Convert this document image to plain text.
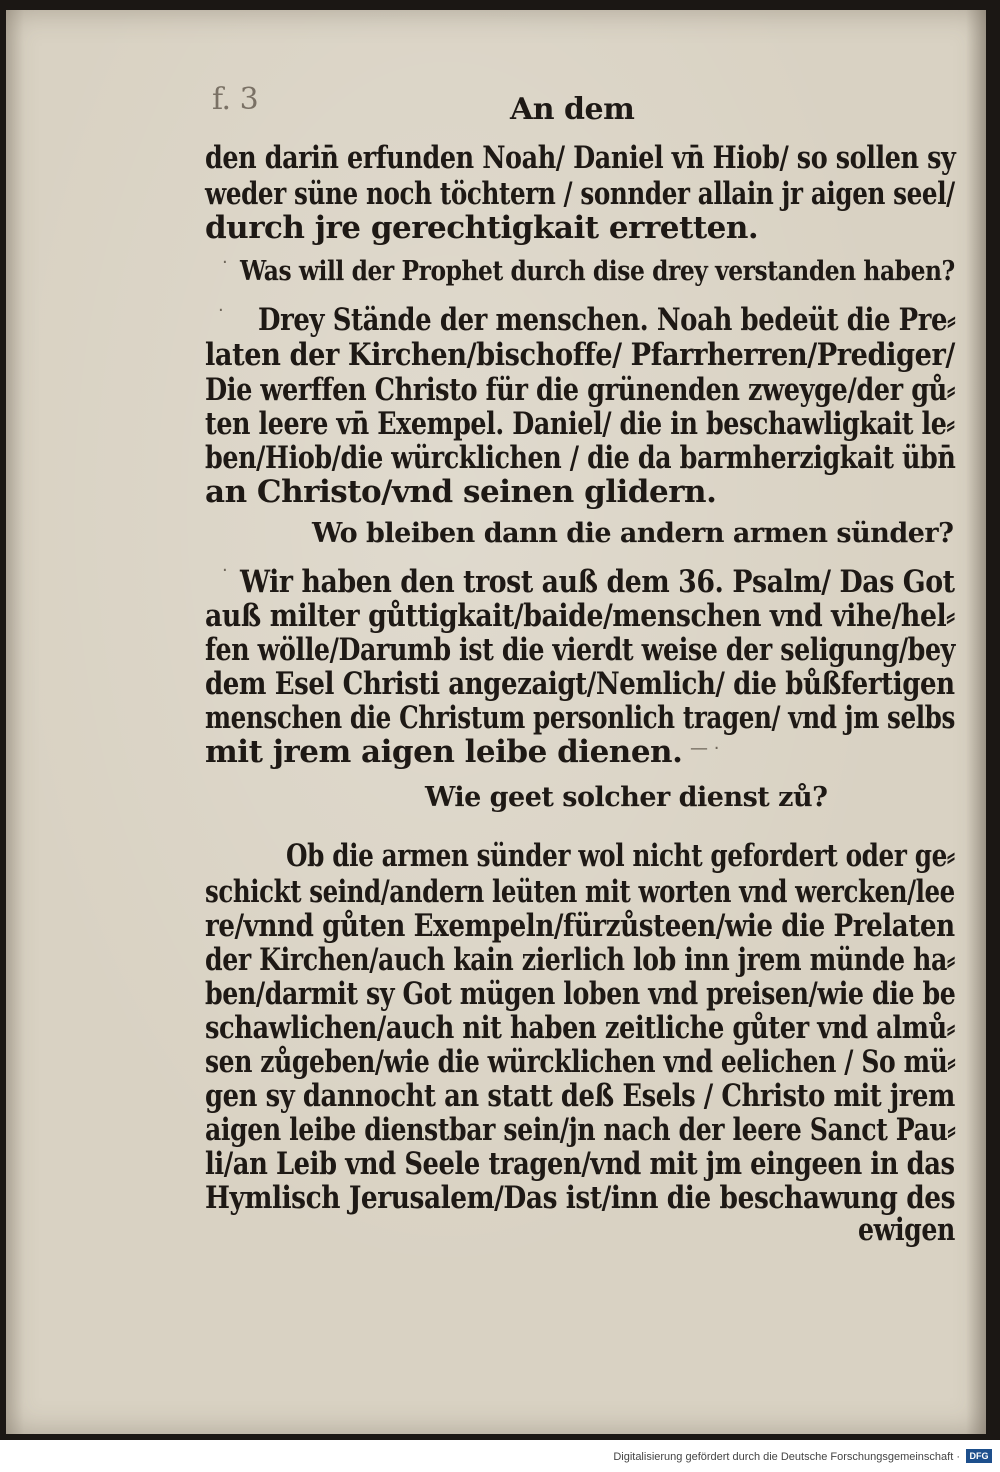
f. 3	An dem
den darin̄ erfunden Noah/ Daniel vn̄ Hiob/ so sollen sy
weder süne noch töchtern / sonnder allain jr aigen seel/
durch jre gerechtigkait erretten.
Was will der Prophet durch dise drey verstanden haben?
Drey Stände der menschen. Noah bedeüt die Pre⸗
laten der Kirchen/bischoffe/ Pfarrherren/Prediger/
Die werffen Christo für die grünenden zweyge/der gů⸗
ten leere vn̄ Exempel. Daniel/ die in beschawligkait le⸗
ben/Hiob/die würcklichen / die da barmherzigkait übn̄
an Christo/vnd seinen glidern.
Wo bleiben dann die andern armen sünder?
Wir haben den trost auß dem 36. Psalm/ Das Got
auß milter gůttigkait/baide/menschen vnd vihe/hel⸗
fen wölle/Darumb ist die vierdt weise der seligung/bey
dem Esel Christi angezaigt/Nemlich/ die bůßfertigen
menschen die Christum personlich tragen/ vnd jm selbs
mit jrem aigen leibe dienen.
Wie geet solcher dienst zů?
Ob die armen sünder wol nicht gefordert oder ge⸗
schickt seind/andern leüten mit worten vnd wercken/lee
re/vnnd gůten Exempeln/fürzůsteen/wie die Prelaten
der Kirchen/auch kain zierlich lob inn jrem münde ha⸗
ben/darmit sy Got mügen loben vnd preisen/wie die be
schawlichen/auch nit haben zeitliche gůter vnd almů⸗
sen zůgeben/wie die würcklichen vnd eelichen / So mü⸗
gen sy dannocht an statt deß Esels / Christo mit jrem
aigen leibe dienstbar sein/jn nach der leere Sanct Pau⸗
li/an Leib vnd Seele tragen/vnd mit jm eingeen in das
Hymlisch Jerusalem/Das ist/inn die beschawung des
ewigen
·
·
·
— ·
Digitalisierung gefördert durch die Deutsche Forschungsgemeinschaft ·	DFG
